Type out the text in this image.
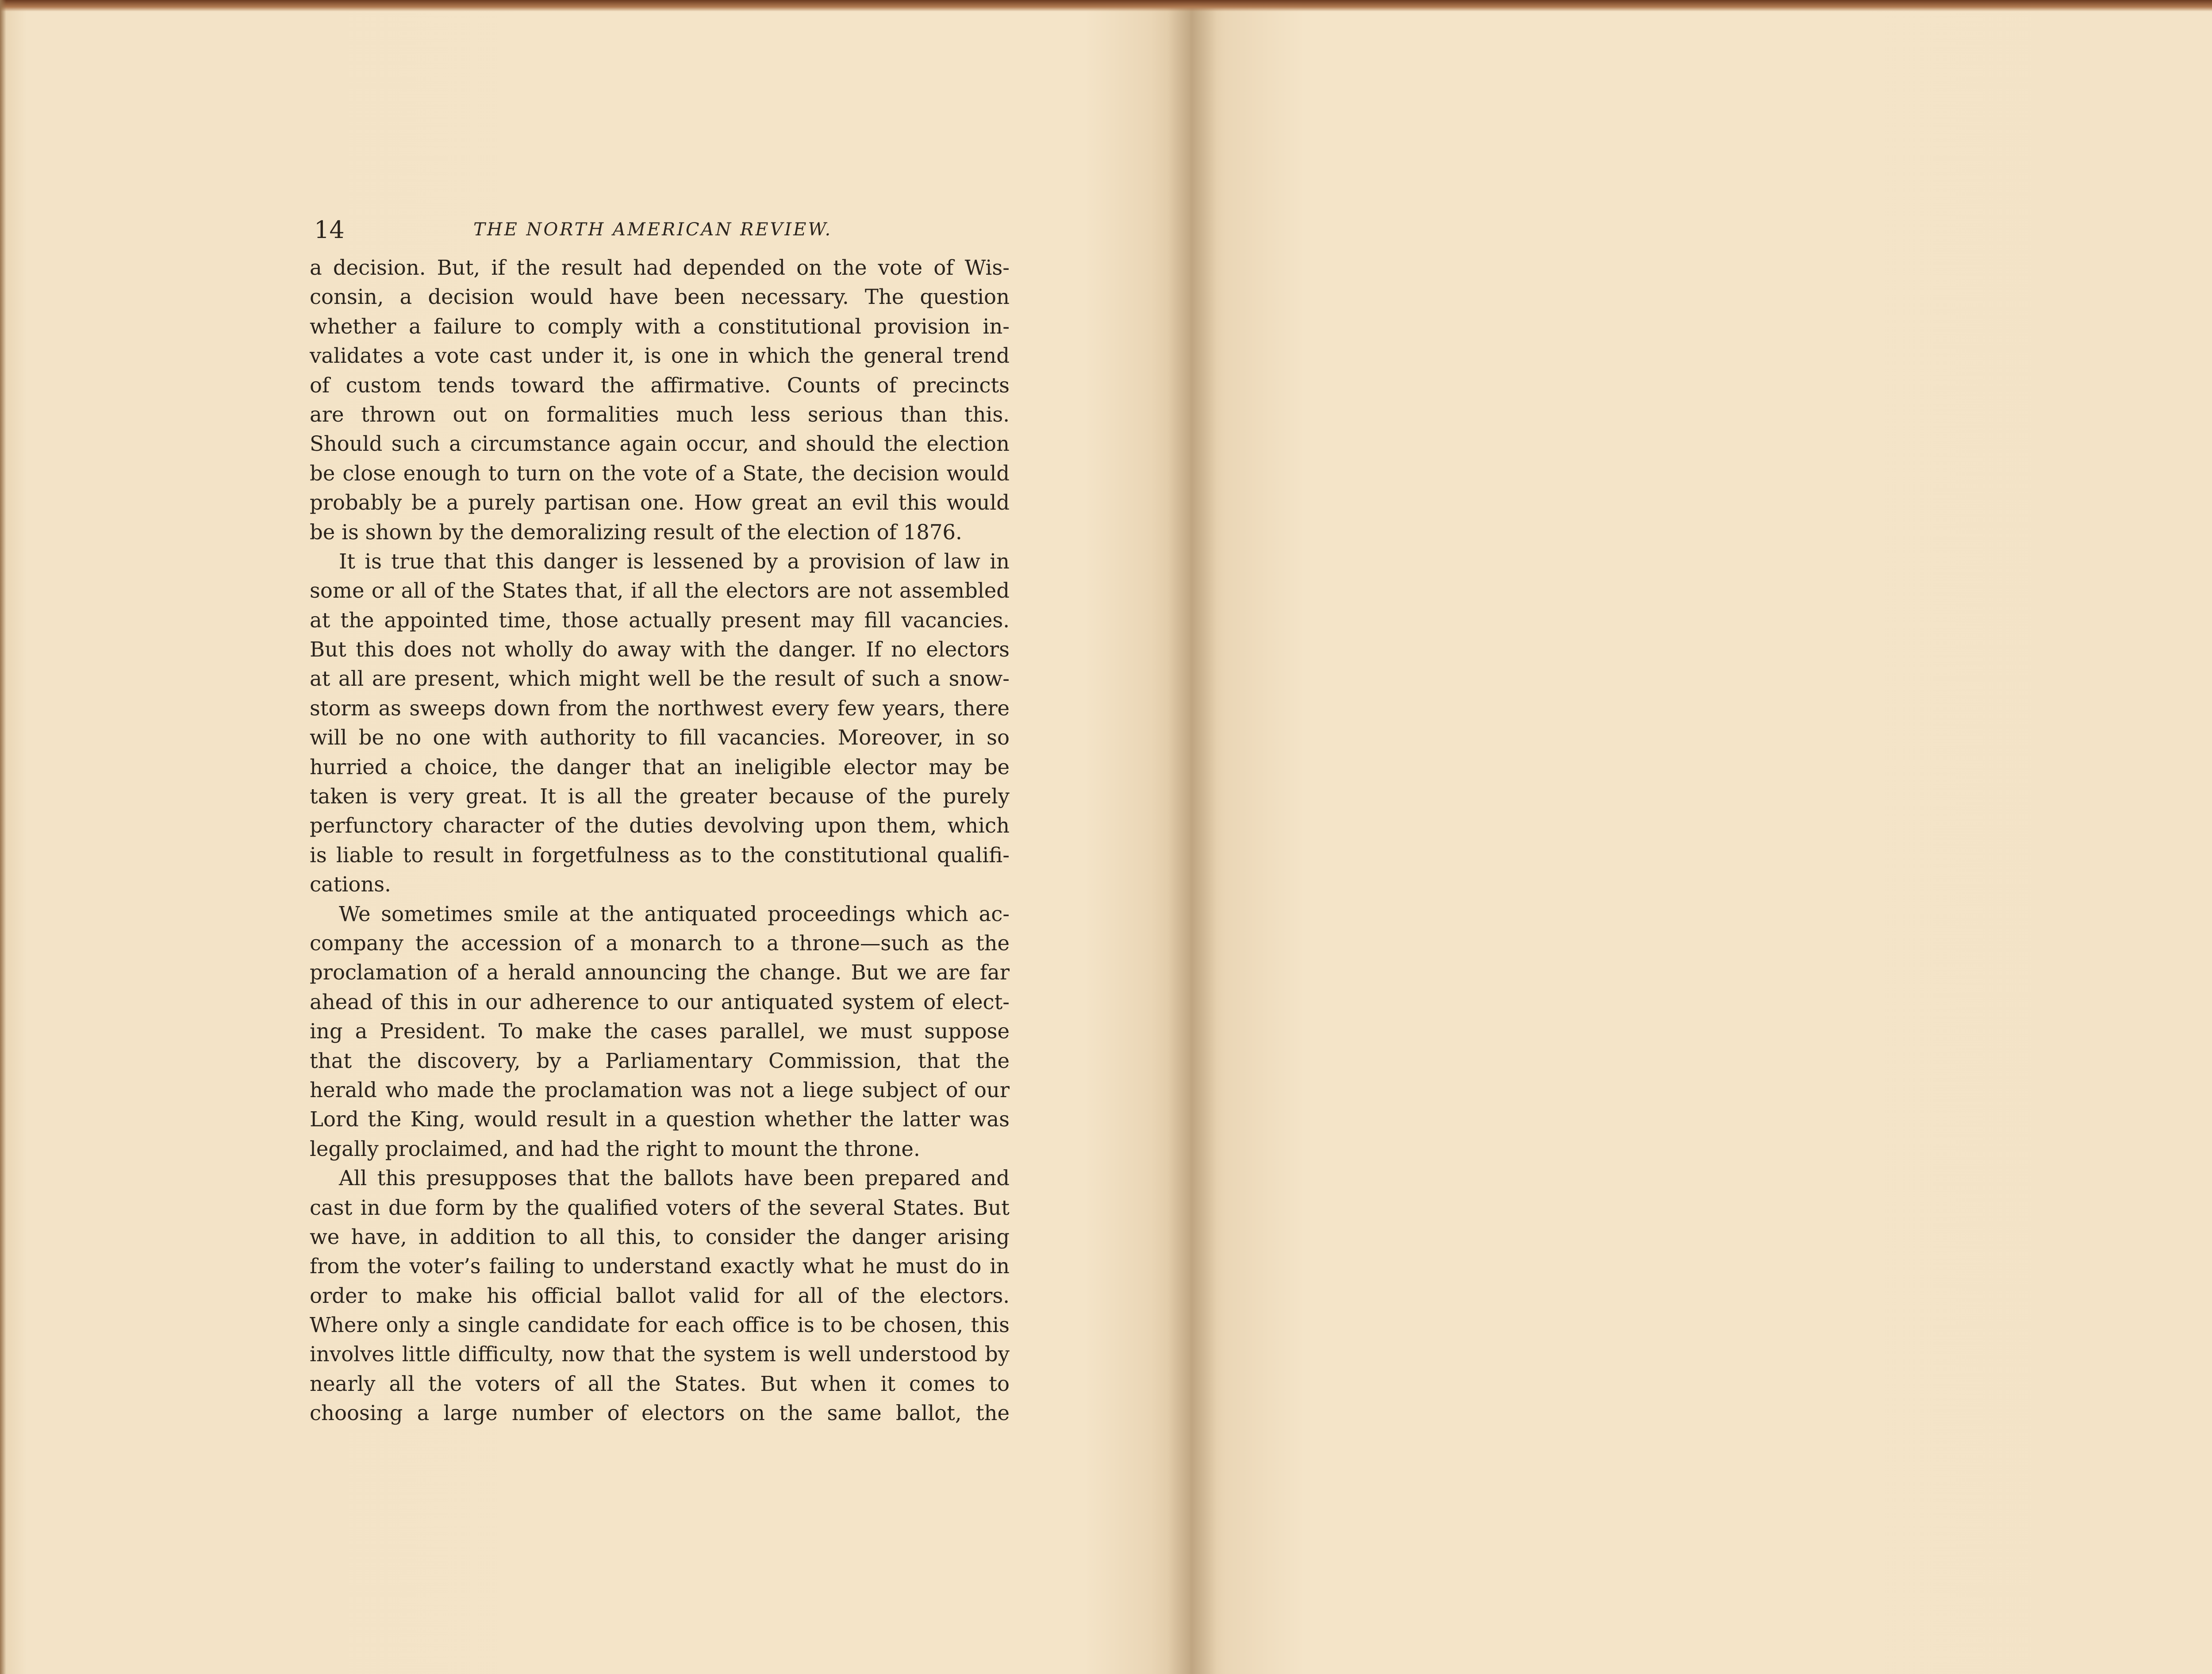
14	THE NORTH AMERICAN REVIEW.
a decision. But, if the result had depended on the vote of Wis-
consin, a decision would have been necessary. The question
whether a failure to comply with a constitutional provision in-
validates a vote cast under it, is one in which the general trend
of custom tends toward the affirmative. Counts of precincts
are thrown out on formalities much less serious than this.
Should such a circumstance again occur, and should the election
be close enough to turn on the vote of a State, the decision would
probably be a purely partisan one. How great an evil this would
be is shown by the demoralizing result of the election of 1876.
It is true that this danger is lessened by a provision of law in
some or all of the States that, if all the electors are not assembled
at the appointed time, those actually present may fill vacancies.
But this does not wholly do away with the danger. If no electors
at all are present, which might well be the result of such a snow-
storm as sweeps down from the northwest every few years, there
will be no one with authority to fill vacancies. Moreover, in so
hurried a choice, the danger that an ineligible elector may be
taken is very great. It is all the greater because of the purely
perfunctory character of the duties devolving upon them, which
is liable to result in forgetfulness as to the constitutional qualifi-
cations.
We sometimes smile at the antiquated proceedings which ac-
company the accession of a monarch to a throne—such as the
proclamation of a herald announcing the change. But we are far
ahead of this in our adherence to our antiquated system of elect-
ing a President. To make the cases parallel, we must suppose
that the discovery, by a Parliamentary Commission, that the
herald who made the proclamation was not a liege subject of our
Lord the King, would result in a question whether the latter was
legally proclaimed, and had the right to mount the throne.
All this presupposes that the ballots have been prepared and
cast in due form by the qualified voters of the several States. But
we have, in addition to all this, to consider the danger arising
from the voter’s failing to understand exactly what he must do in
order to make his official ballot valid for all of the electors.
Where only a single candidate for each office is to be chosen, this
involves little difficulty, now that the system is well understood by
nearly all the voters of all the States. But when it comes to
choosing a large number of electors on the same ballot, the
